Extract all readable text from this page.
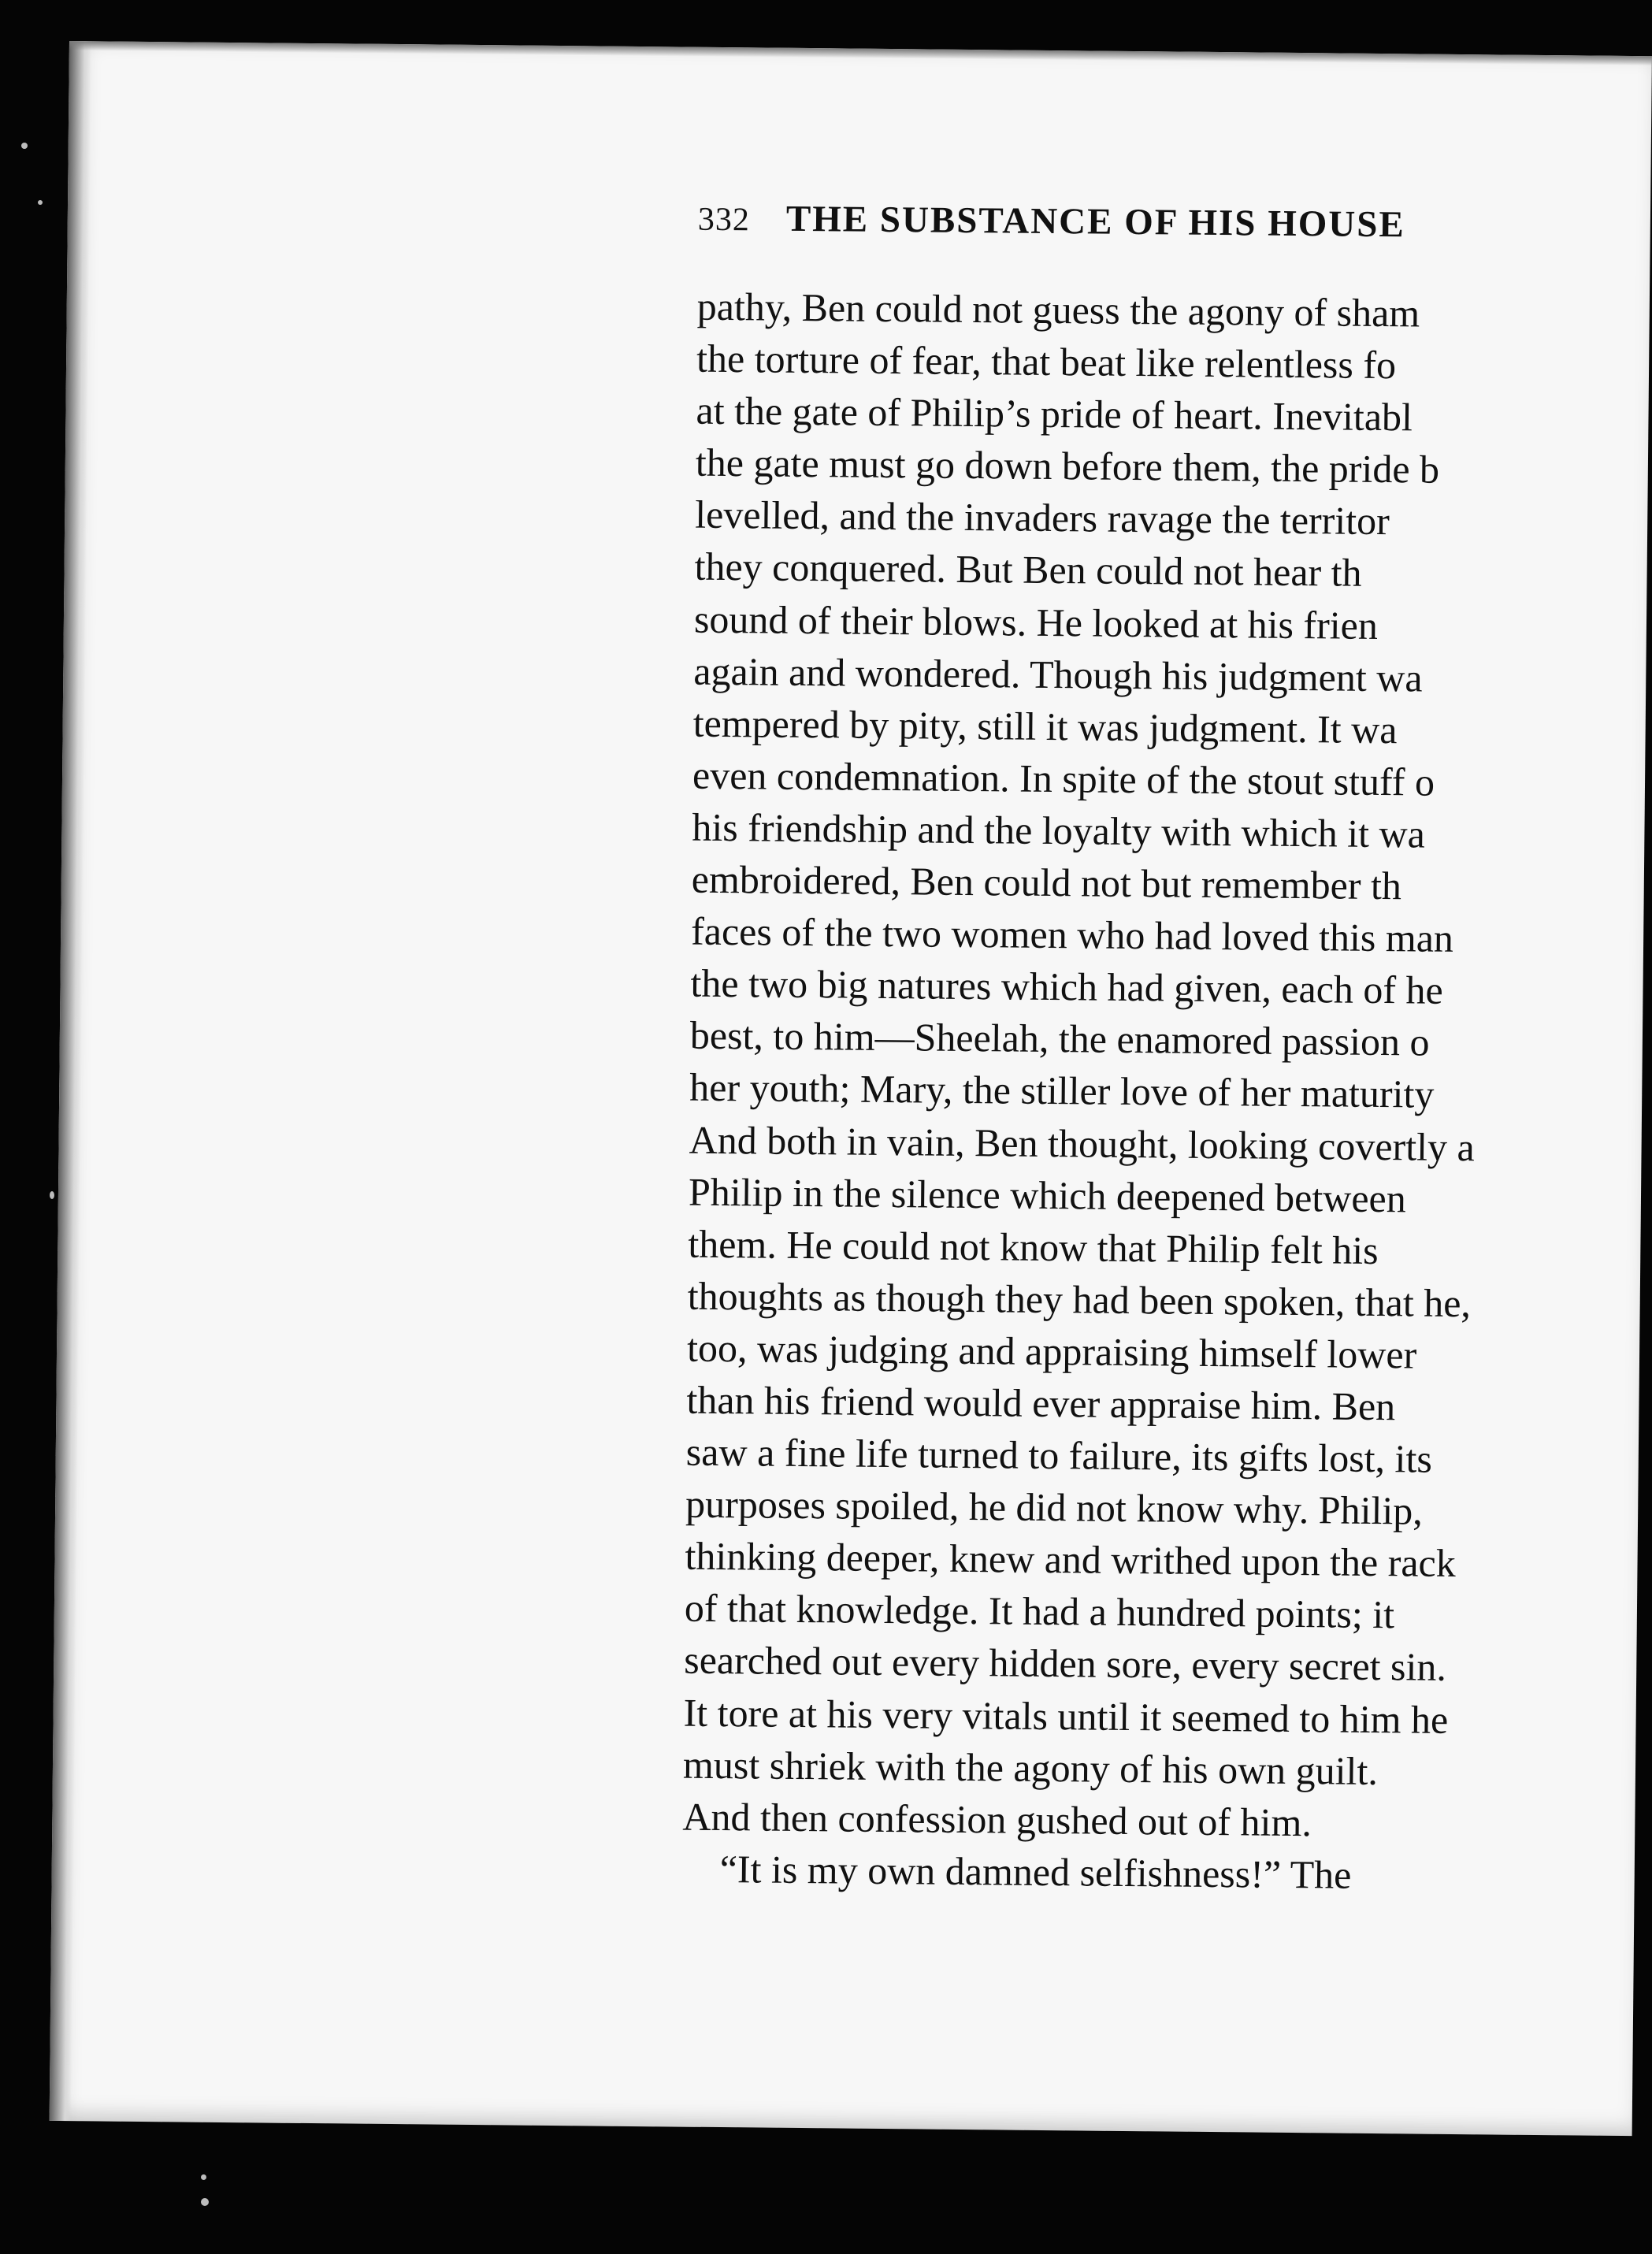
332 THE SUBSTANCE OF HIS HOUSE
pathy, Ben could not guess the agony of sham
the torture of fear, that beat like relentless fo
at the gate of Philip’s pride of heart. Inevitabl
the gate must go down before them, the pride b
levelled, and the invaders ravage the territor
they conquered. But Ben could not hear th
sound of their blows. He looked at his frien
again and wondered. Though his judgment wa
tempered by pity, still it was judgment. It wa
even condemnation. In spite of the stout stuff o
his friendship and the loyalty with which it wa
embroidered, Ben could not but remember th
faces of the two women who had loved this man
the two big natures which had given, each of he
best, to him—Sheelah, the enamored passion o
her youth; Mary, the stiller love of her maturity
And both in vain, Ben thought, looking covertly a
Philip in the silence which deepened between
them. He could not know that Philip felt his
thoughts as though they had been spoken, that he,
too, was judging and appraising himself lower
than his friend would ever appraise him. Ben
saw a fine life turned to failure, its gifts lost, its
purposes spoiled, he did not know why. Philip,
thinking deeper, knew and writhed upon the rack
of that knowledge. It had a hundred points; it
searched out every hidden sore, every secret sin.
It tore at his very vitals until it seemed to him he
must shriek with the agony of his own guilt.
And then confession gushed out of him.
“It is my own damned selfishness!” The
